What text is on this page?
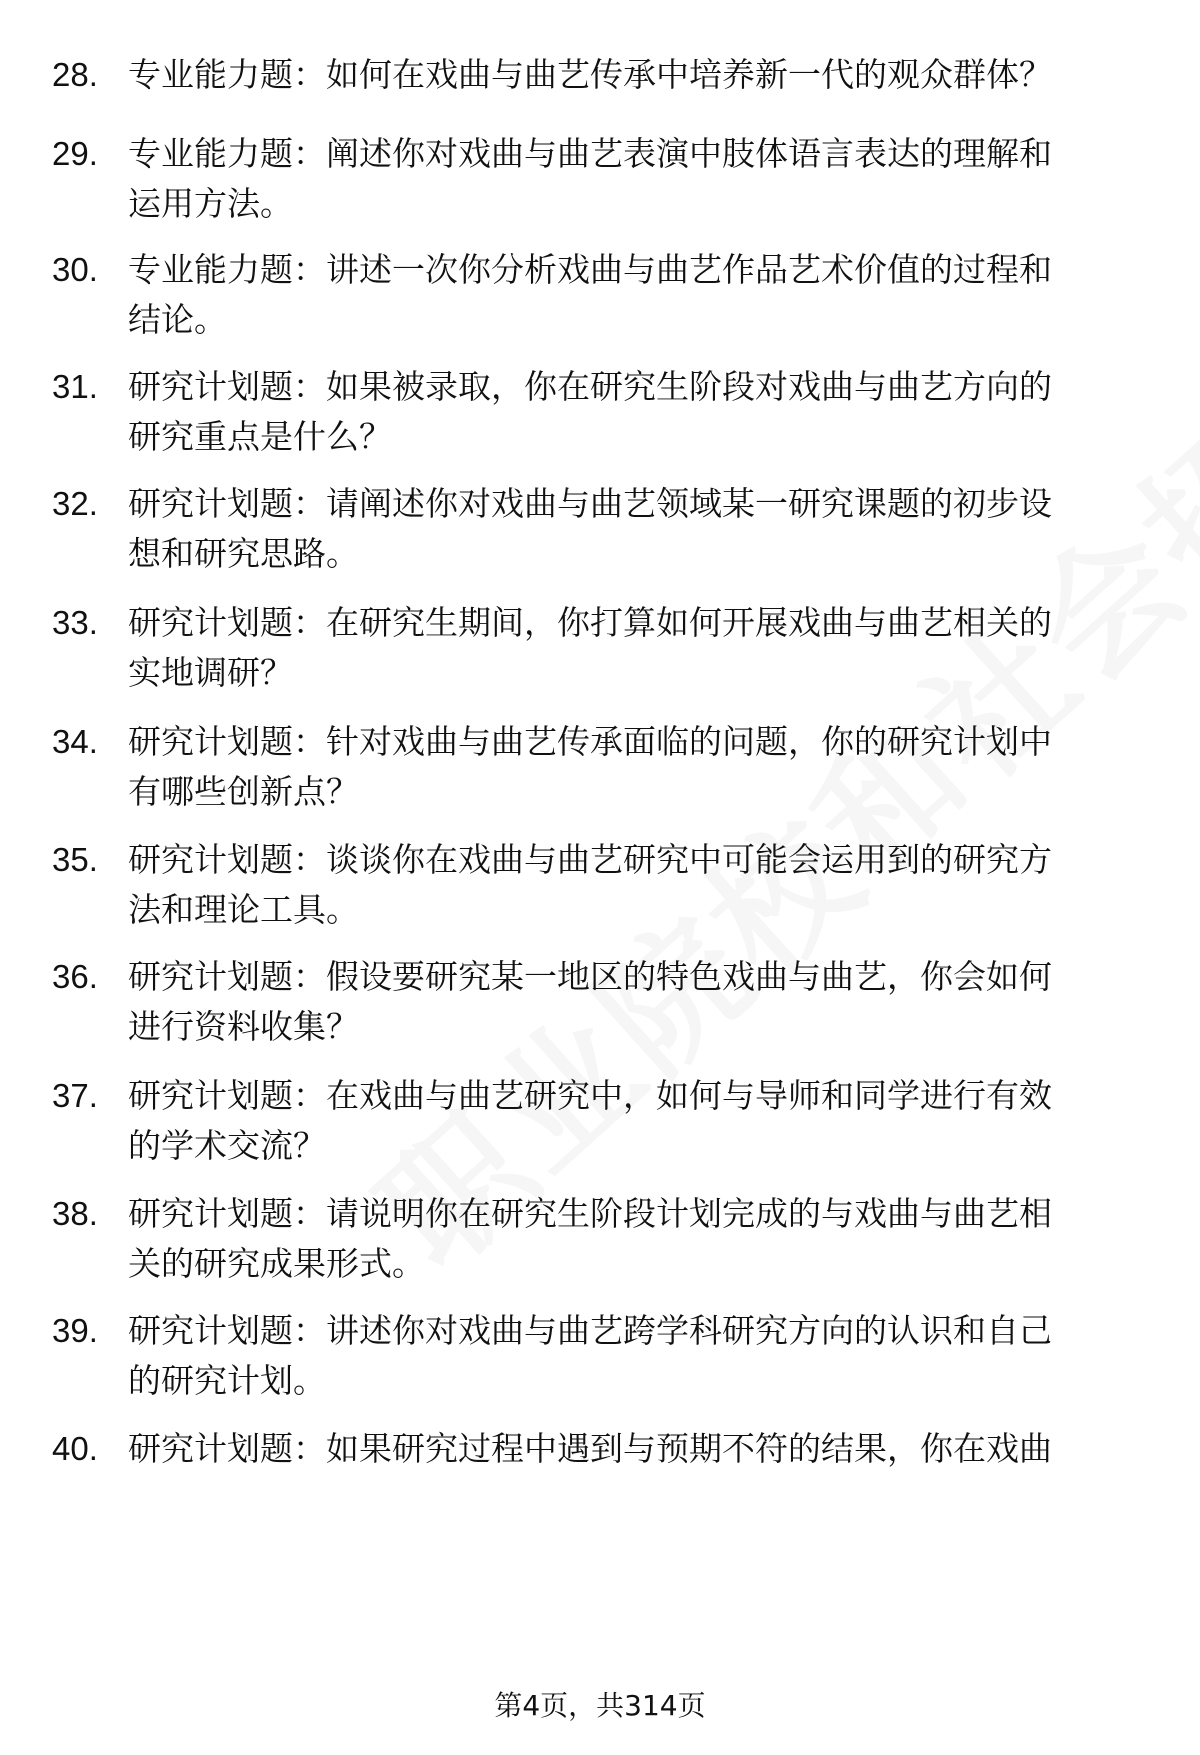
28. 专业能力题：如何在戏曲与曲艺传承中培养新一代的观众群体？
29. 专业能力题：阐述你对戏曲与曲艺表演中肢体语言表达的理解和
运用方法。
30. 专业能力题：讲述一次你分析戏曲与曲艺作品艺术价值的过程和
结论。
31. 研究计划题：如果被录取，你在研究生阶段对戏曲与曲艺方向的
研究重点是什么？
32. 研究计划题：请阐述你对戏曲与曲艺领域某一研究课题的初步设
想和研究思路。
33. 研究计划题：在研究生期间，你打算如何开展戏曲与曲艺相关的
实地调研？
34. 研究计划题：针对戏曲与曲艺传承面临的问题，你的研究计划中
有哪些创新点？
35. 研究计划题：谈谈你在戏曲与曲艺研究中可能会运用到的研究方
法和理论工具。
36. 研究计划题：假设要研究某一地区的特色戏曲与曲艺，你会如何
进行资料收集？
37. 研究计划题：在戏曲与曲艺研究中，如何与导师和同学进行有效
的学术交流？
38. 研究计划题：请说明你在研究生阶段计划完成的与戏曲与曲艺相
关的研究成果形式。
39. 研究计划题：讲述你对戏曲与曲艺跨学科研究方向的认识和自己
的研究计划。
40. 研究计划题：如果研究过程中遇到与预期不符的结果，你在戏曲
第4页，共314页
